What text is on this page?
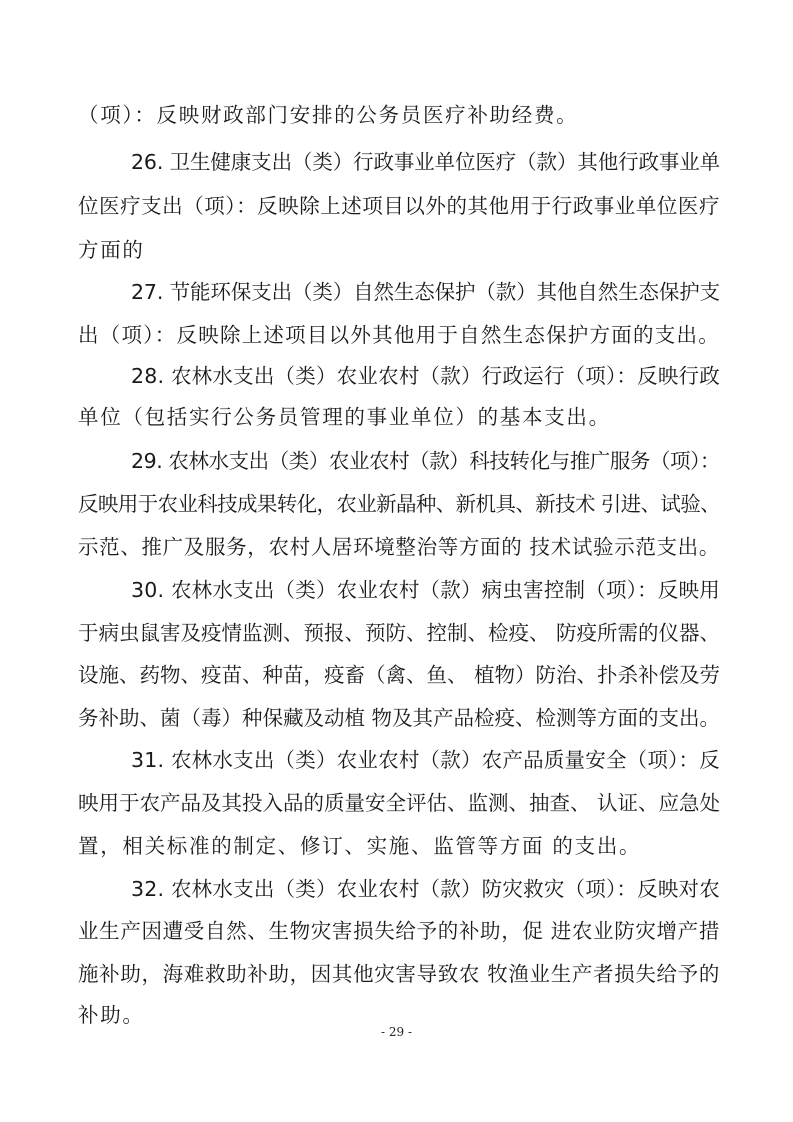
（项）：反映财政部门安排的公务员医疗补助经费。
26. 卫生健康支出（类）行政事业单位医疗（款）其他行政事业单
位医疗支出（项）：反映除上述项目以外的其他用于行政事业单位医疗
方面的
27. 节能环保支出（类）自然生态保护（款）其他自然生态保护支
出（项）：反映除上述项目以外其他用于自然生态保护方面的支出。
28. 农林水支出（类）农业农村（款）行政运行（项）：反映行政
单位（包括实行公务员管理的事业单位）的基本支出。
29. 农林水支出（类）农业农村（款）科技转化与推广服务（项）：
反映用于农业科技成果转化，农业新晶种、新机具、新技术 引进、试验、
示范、推广及服务，农村人居环境整治等方面的 技术试验示范支出。
30. 农林水支出（类）农业农村（款）病虫害控制（项）：反映用
于病虫鼠害及疫情监测、预报、预防、控制、检疫、 防疫所需的仪器、
设施、药物、疫苗、种苗，疫畜（禽、鱼、 植物）防治、扑杀补偿及劳
务补助、菌（毒）种保藏及动植 物及其产品检疫、检测等方面的支出。
31. 农林水支出（类）农业农村（款）农产品质量安全（项）：反
映用于农产品及其投入品的质量安全评估、监测、抽查、 认证、应急处
置，相关标准的制定、修订、实施、监管等方面 的支出。
32. 农林水支出（类）农业农村（款）防灾救灾（项）：反映对农
业生产因遭受自然、生物灾害损失给予的补助，促 进农业防灾增产措
施补助，海难救助补助，因其他灾害导致农 牧渔业生产者损失给予的
补助。
- 29 -
